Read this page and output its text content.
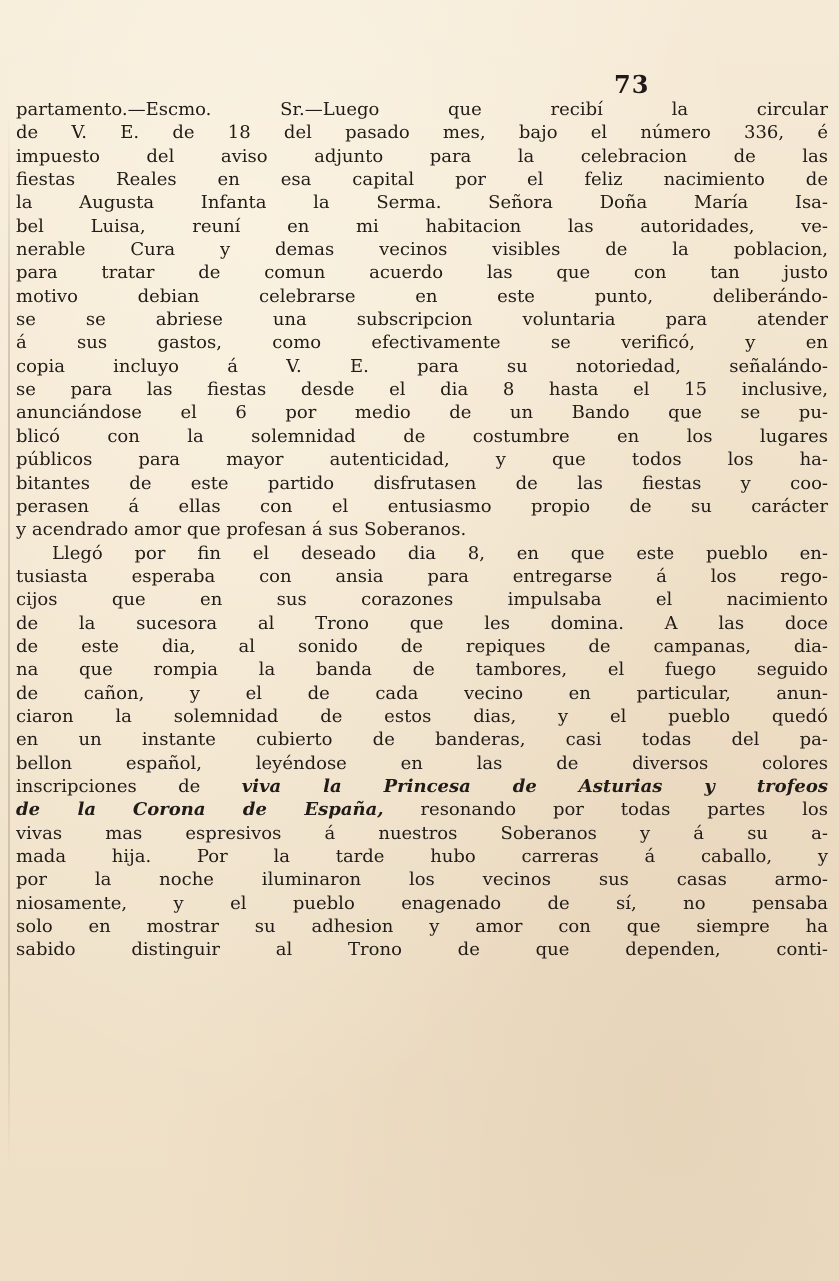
73
partamento.—Escmo. Sr.—Luego que recibí la circular
de V. E. de 18 del pasado mes, bajo el número 336, é
impuesto del aviso adjunto para la celebracion de las
fiestas Reales en esa capital por el feliz nacimiento de
la Augusta Infanta la Serma. Señora Doña María Isa-
bel Luisa, reuní en mi habitacion las autoridades, ve-
nerable Cura y demas vecinos visibles de la poblacion,
para tratar de comun acuerdo las que con tan justo
motivo debian celebrarse en este punto, deliberándo-
se se abriese una subscripcion voluntaria para atender
á sus gastos, como efectivamente se verificó, y en
copia incluyo á V. E. para su notoriedad, señalándo-
se para las fiestas desde el dia 8 hasta el 15 inclusive,
anunciándose el 6 por medio de un Bando que se pu-
blicó con la solemnidad de costumbre en los lugares
públicos para mayor autenticidad, y que todos los ha-
bitantes de este partido disfrutasen de las fiestas y coo-
perasen á ellas con el entusiasmo propio de su carácter
y acendrado amor que profesan á sus Soberanos.
Llegó por fin el deseado dia 8, en que este pueblo en-
tusiasta esperaba con ansia para entregarse á los rego-
cijos que en sus corazones impulsaba el nacimiento
de la sucesora al Trono que les domina. A las doce
de este dia, al sonido de repiques de campanas, dia-
na que rompia la banda de tambores, el fuego seguido
de cañon, y el de cada vecino en particular, anun-
ciaron la solemnidad de estos dias, y el pueblo quedó
en un instante cubierto de banderas, casi todas del pa-
bellon español, leyéndose en las de diversos colores
inscripciones de viva la Princesa de Asturias y trofeos
de la Corona de España, resonando por todas partes los
vivas mas espresivos á nuestros Soberanos y á su a-
mada hija. Por la tarde hubo carreras á caballo, y
por la noche iluminaron los vecinos sus casas armo-
niosamente, y el pueblo enagenado de sí, no pensaba
solo en mostrar su adhesion y amor con que siempre ha
sabido distinguir al Trono de que dependen, conti-
